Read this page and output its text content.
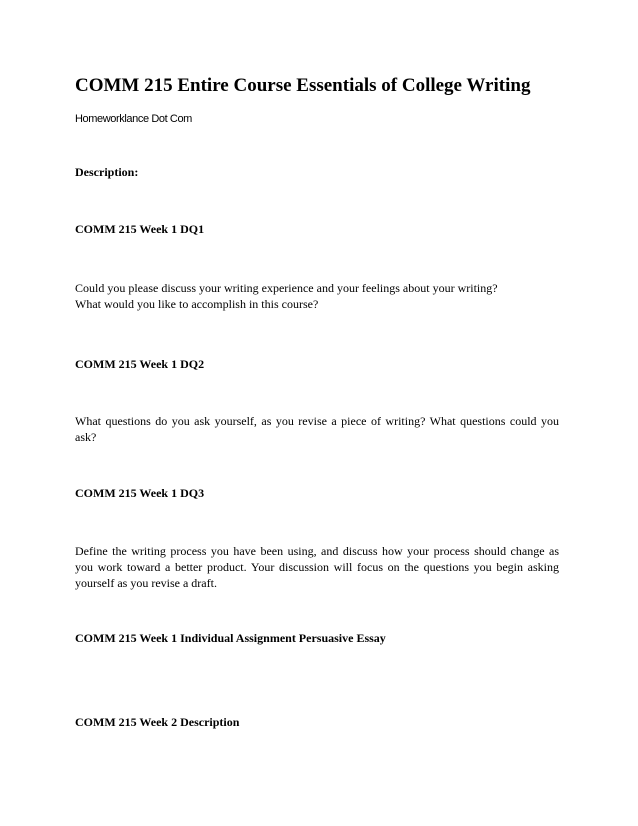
COMM 215 Entire Course Essentials of College Writing

Homeworklance Dot Com

Description:

COMM 215 Week 1 DQ1

Could you please discuss your writing experience and your feelings about your writing?
What would you like to accomplish in this course?

COMM 215 Week 1 DQ2

What questions do you ask yourself, as you revise a piece of writing? What questions could you
ask?

COMM 215 Week 1 DQ3

Define the writing process you have been using, and discuss how your process should change as
you work toward a better product. Your discussion will focus on the questions you begin asking
yourself as you revise a draft.

COMM 215 Week 1 Individual Assignment Persuasive Essay

COMM 215 Week 2 Description
